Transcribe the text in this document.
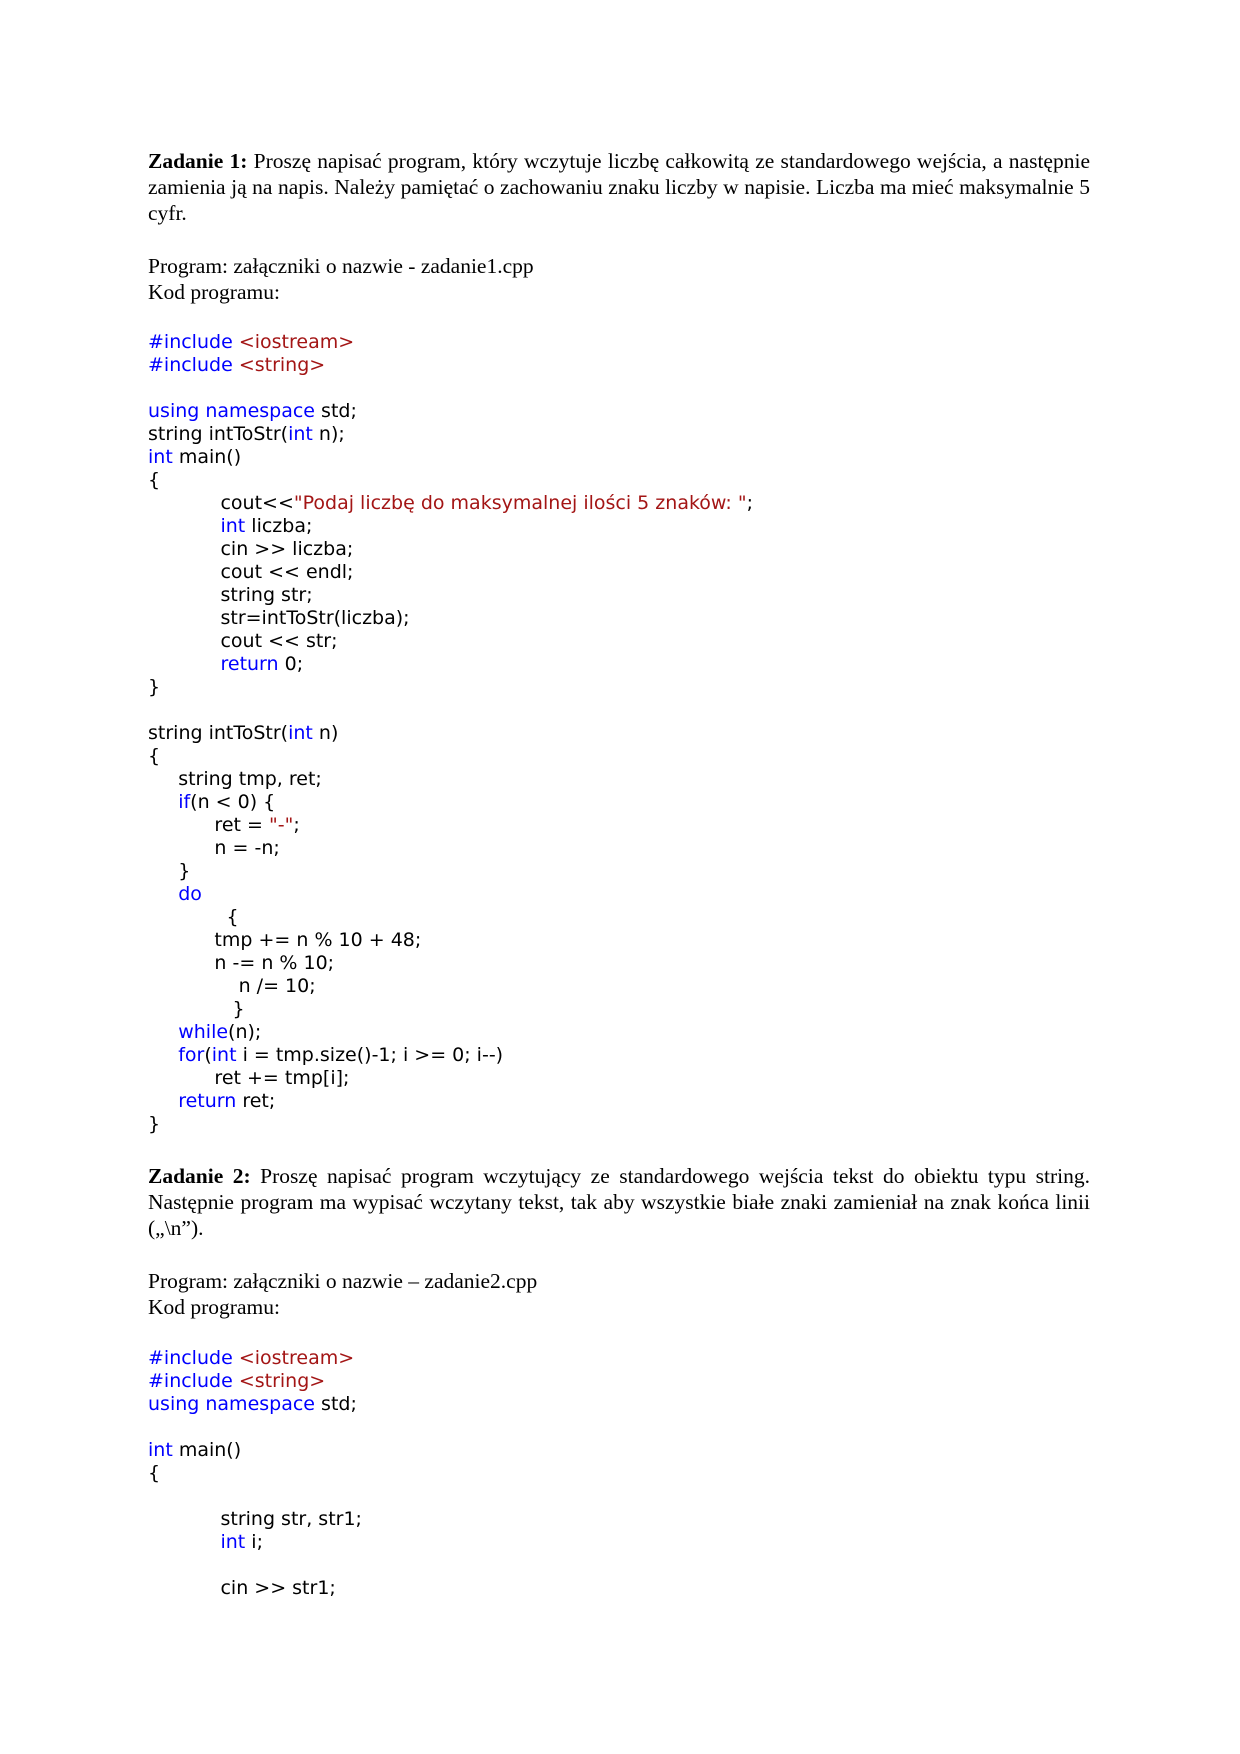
Zadanie 1: Proszę napisać program, który wczytuje liczbę całkowitą ze standardowego wejścia, a następnie zamienia ją na napis. Należy pamiętać o zachowaniu znaku liczby w napisie. Liczba ma mieć maksymalnie 5 cyfr.
Program: załączniki o nazwie - zadanie1.cpp
Kod programu:
#include <iostream>
#include <string>
using namespace std;
string intToStr(int n);
int main()
{
cout<<"Podaj liczbę do maksymalnej ilości 5 znaków: ";
int liczba;
cin >> liczba;
cout << endl;
string str;
str=intToStr(liczba);
cout << str;
return 0;
}
string intToStr(int n)
{
string tmp, ret;
if(n < 0) {
ret = "-";
n = -n;
}
do
{
tmp += n % 10 + 48;
n -= n % 10;
n /= 10;
}
while(n);
for(int i = tmp.size()-1; i >= 0; i--)
ret += tmp[i];
return ret;
}
Zadanie 2: Proszę napisać program wczytujący ze standardowego wejścia tekst do obiektu typu string. Następnie program ma wypisać wczytany tekst, tak aby wszystkie białe znaki zamieniał na znak końca linii („\n”).
Program: załączniki o nazwie – zadanie2.cpp
Kod programu:
#include <iostream>
#include <string>
using namespace std;
int main()
{
string str, str1;
int i;
cin >> str1;
